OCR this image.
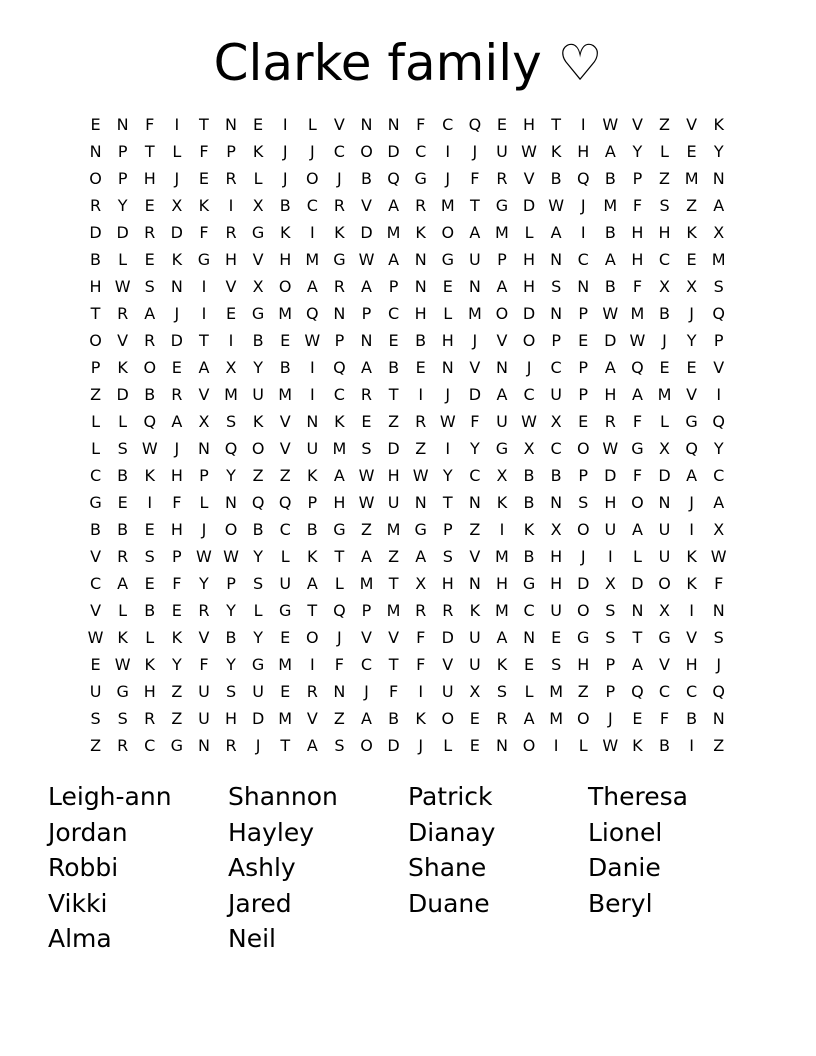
Clarke family ♡
E	N	F	I	T	N	E	I	L	V N N	F	C Q E	H	T	I	W V	Z	V	K
N	P	T	L	F	P	K	J	J	C O D C	I	J	U W K H A	Y	L	E	Y
O P	H	J	E	R	L	J	O	J	B Q G	J	F	R	V	B Q B	P	Z M N
R	Y	E	X	K	I	X	B	C R	V	A	R M T	G D W	J	M F	S	Z	A
D D R D	F	R G K	I	K D M K O A M L	A	I	B H H K	X
B	L	E	K G H V H M G W A N G U	P	H N C	A H C	E M
H W S	N	I	V	X O A	R	A	P	N	E	N A H	S	N B	F	X	X	S
T	R	A	J	I	E G M Q N	P	C H	L M O D N	P W M B	J	Q
O V	R D	T	I	B	E W P	N	E	B H	J	V O P	E D W	J	Y	P
P	K O E	A	X	Y	B	I	Q A	B	E	N V N	J	C	P	A Q E	E	V
Z D B	R	V M U M	I	C R	T	I	J	D A	C U	P	H A M V	I
L	L	Q A	X	S	K	V N K	E	Z	R W F	U W X	E	R	F	L	G Q
L	S W	J	N Q O V U M S D Z	I	Y	G X	C O W G X Q Y
C	B	K H	P	Y	Z	Z	K	A W H W Y	C	X	B	B	P	D	F	D A	C
G E	I	F	L	N Q Q P	H W U N	T	N K	B N	S	H O N	J	A
B	B	E	H	J	O B	C	B G Z M G	P	Z	I	K	X O U A U	I	X
V	R	S	P W W Y	L	K	T	A	Z	A	S	V M B H	J	I	L	U K W
C	A	E	F	Y	P	S	U A	L M T	X H N H G H D X D O K	F
V	L	B	E	R	Y	L	G	T Q P M R R	K M C U O S	N X	I	N
W K	L	K	V	B	Y	E O	J	V	V	F	D U A N	E G S	T	G V	S
E W K	Y	F	Y	G M	I	F	C	T	F	V U K	E	S	H	P	A	V H	J
U G H Z U	S	U	E	R N	J	F	I	U X	S	L M Z	P Q C C Q
S	S	R	Z U H D M V	Z	A	B	K O E	R	A M O	J	E	F	B N
Z	R C G N R	J	T	A	S O D	J	L	E	N O	I	L W K	B	I	Z
Leigh-ann	Shannon	Patrick	Theresa
Jordan	Hayley	Dianay	Lionel
Robbi	Ashly	Shane	Danie
Vikki	Jared	Duane	Beryl
Alma	Neil
